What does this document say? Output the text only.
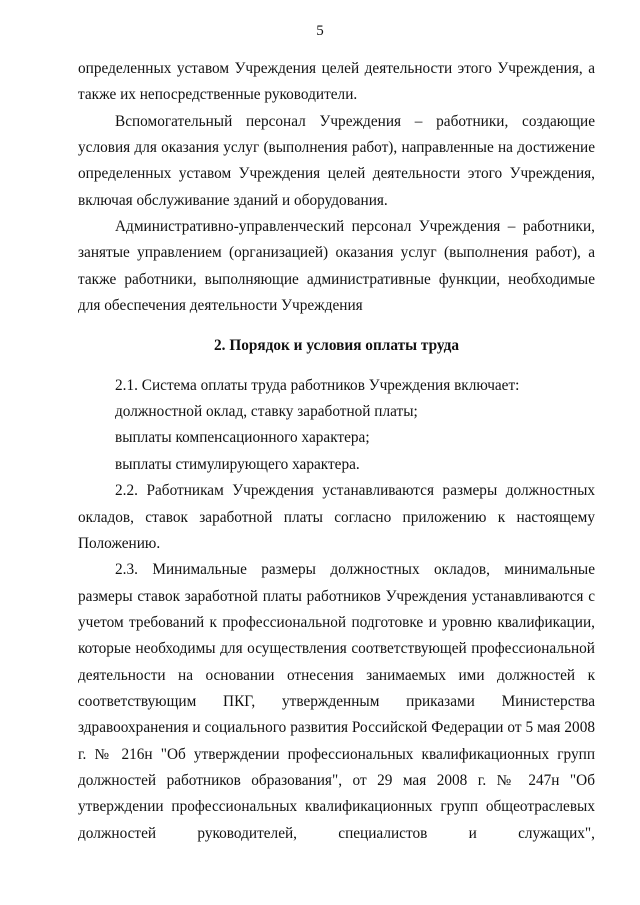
5

определенных уставом Учреждения целей деятельности этого Учреждения, а также их непосредственные руководители.

Вспомогательный персонал Учреждения – работники, создающие условия для оказания услуг (выполнения работ), направленные на достижение определенных уставом Учреждения целей деятельности этого Учреждения, включая обслуживание зданий и оборудования.

Административно-управленческий персонал Учреждения – работники, занятые управлением (организацией) оказания услуг (выполнения работ), а также работники, выполняющие административные функции, необходимые для обеспечения деятельности Учреждения

2. Порядок и условия оплаты труда

2.1. Система оплаты труда работников Учреждения включает:

должностной оклад, ставку заработной платы;

выплаты компенсационного характера;

выплаты стимулирующего характера.

2.2. Работникам Учреждения устанавливаются размеры должностных окладов, ставок заработной платы согласно приложению к настоящему Положению.

2.3. Минимальные размеры должностных окладов, минимальные размеры ставок заработной платы работников Учреждения устанавливаются с учетом требований к профессиональной подготовке и уровню квалификации, которые необходимы для осуществления соответствующей профессиональной деятельности на основании отнесения занимаемых ими должностей к соответствующим ПКГ, утвержденным приказами Министерства здравоохранения и социального развития Российской Федерации от 5 мая 2008 г. № 216н "Об утверждении профессиональных квалификационных групп должностей работников образования", от 29 мая 2008 г. № 247н "Об утверждении профессиональных квалификационных групп общеотраслевых должностей руководителей, специалистов и служащих",
